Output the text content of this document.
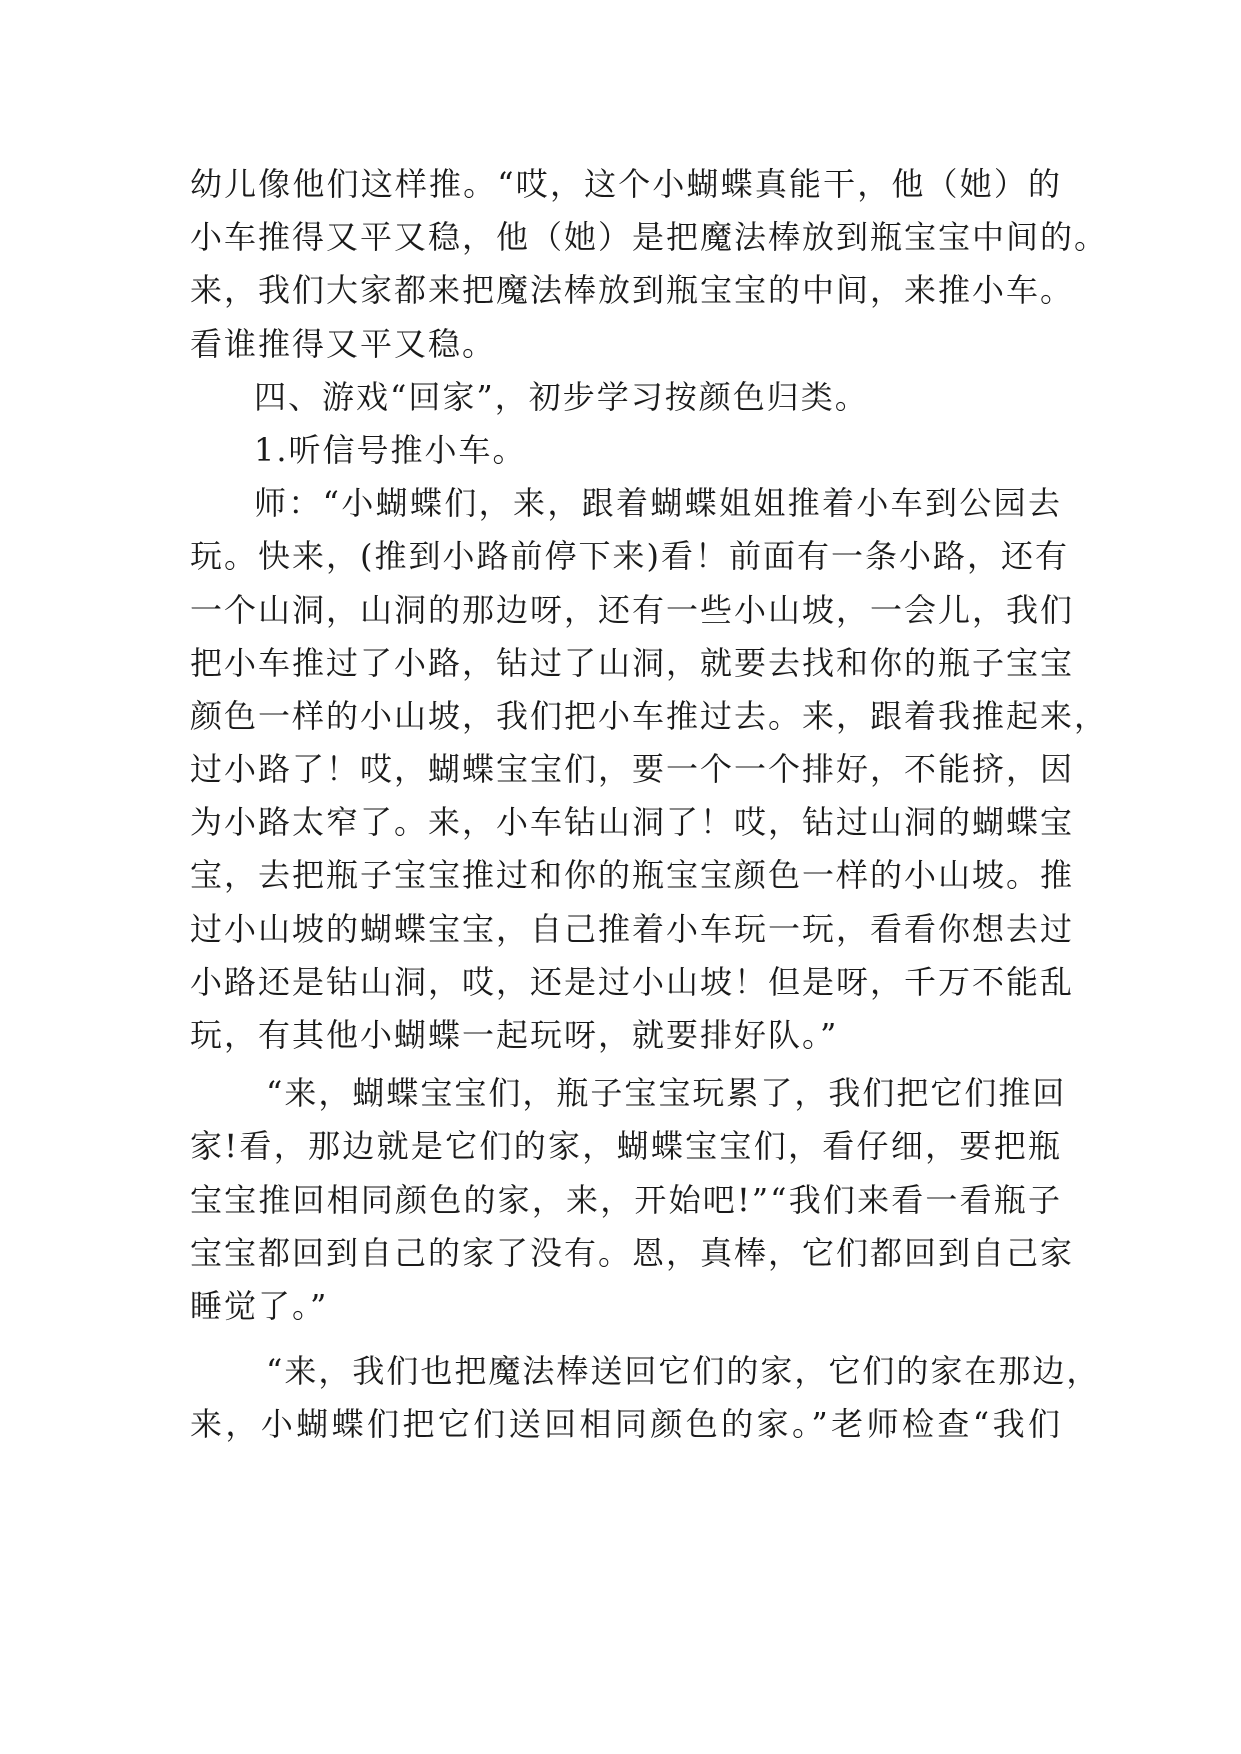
幼儿像他们这样推。“哎，这个小蝴蝶真能干，他（她）的
小车推得又平又稳，他（她）是把魔法棒放到瓶宝宝中间的。
来，我们大家都来把魔法棒放到瓶宝宝的中间，来推小车。
看谁推得又平又稳。
四、游戏“回家”，初步学习按颜色归类。
1.听信号推小车。
师：“小蝴蝶们，来，跟着蝴蝶姐姐推着小车到公园去
玩。快来，(推到小路前停下来)看！前面有一条小路，还有
一个山洞，山洞的那边呀，还有一些小山坡，一会儿，我们
把小车推过了小路，钻过了山洞，就要去找和你的瓶子宝宝
颜色一样的小山坡，我们把小车推过去。来，跟着我推起来，
过小路了！哎，蝴蝶宝宝们，要一个一个排好，不能挤，因
为小路太窄了。来，小车钻山洞了！哎，钻过山洞的蝴蝶宝
宝，去把瓶子宝宝推过和你的瓶宝宝颜色一样的小山坡。推
过小山坡的蝴蝶宝宝，自己推着小车玩一玩，看看你想去过
小路还是钻山洞，哎，还是过小山坡！但是呀，千万不能乱
玩，有其他小蝴蝶一起玩呀，就要排好队。”
“来，蝴蝶宝宝们，瓶子宝宝玩累了，我们把它们推回
家!看，那边就是它们的家，蝴蝶宝宝们，看仔细，要把瓶
宝宝推回相同颜色的家，来，开始吧!”“我们来看一看瓶子
宝宝都回到自己的家了没有。恩，真棒，它们都回到自己家
睡觉了。”
“来，我们也把魔法棒送回它们的家，它们的家在那边，
来，小蝴蝶们把它们送回相同颜色的家。”老师检查“我们
